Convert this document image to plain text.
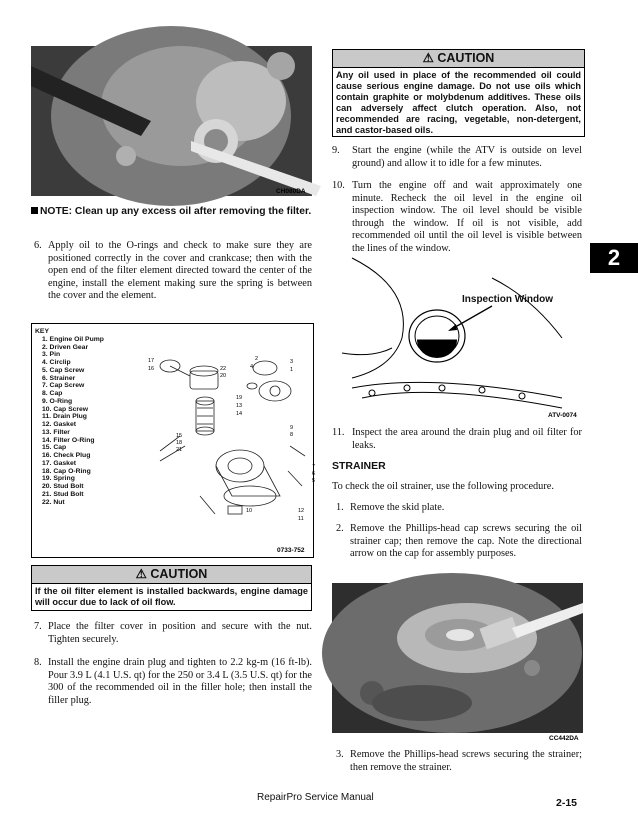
CH080DA
NOTE: Clean up any excess oil after removing the filter.
6. Apply oil to the O-rings and check to make sure they are positioned correctly in the cover and crankcase; then with the open end of the filter element directed toward the center of the engine, install the element making sure the spring is between the cover and the element.
KEY
1. Engine Oil Pump
2. Driven Gear
3. Pin
4. Circlip
5. Cap Screw
6. Strainer
7. Cap Screw
8. Cap
9. O-Ring
10. Cap Screw
11. Drain Plug
12. Gasket
13. Filter
14. Filter O-Ring
15. Cap
16. Check Plug
17. Gasket
18. Cap O-Ring
19. Spring
20. Stud Bolt
21. Stud Bolt
22. Nut
17
16	22
20
2
4
3
1
19
13
14
15
18
21
9
8
7
6
5
10	12
11
0733-752
⚠ CAUTION
If the oil filter element is installed backwards, engine damage will occur due to lack of oil flow.
7. Place the filter cover in position and secure with the nut. Tighten securely.
8. Install the engine drain plug and tighten to 2.2 kg-m (16 ft-lb). Pour 3.9 L (4.1 U.S. qt) for the 250 or 3.4 L (3.5 U.S. qt) for the 300 of the recommended oil in the filler hole; then install the filler plug.
⚠ CAUTION
Any oil used in place of the recommended oil could cause serious engine damage. Do not use oils which contain graphite or molybdenum additives. These oils can adversely affect clutch operation. Also, not recommended are racing, vegetable, non-detergent, and castor-based oils.
9.	Start the engine (while the ATV is outside on level ground) and allow it to idle for a few minutes.
10. Turn the engine off and wait approximately one minute. Recheck the oil level in the engine oil inspection window. The oil level should be visible through the window. If oil is not visible, add recommended oil until the oil level is visible between the lines of the window.
Inspection Window
ATV-0074
11. Inspect the area around the drain plug and oil filter for leaks.
STRAINER
To check the oil strainer, use the following procedure.
1. Remove the skid plate.
2. Remove the Phillips-head cap screws securing the oil strainer cap; then remove the cap. Note the directional arrow on the cap for assembly purposes.
CC442DA
3. Remove the Phillips-head screws securing the strainer; then remove the strainer.
2
RepairPro Service Manual	2-15
